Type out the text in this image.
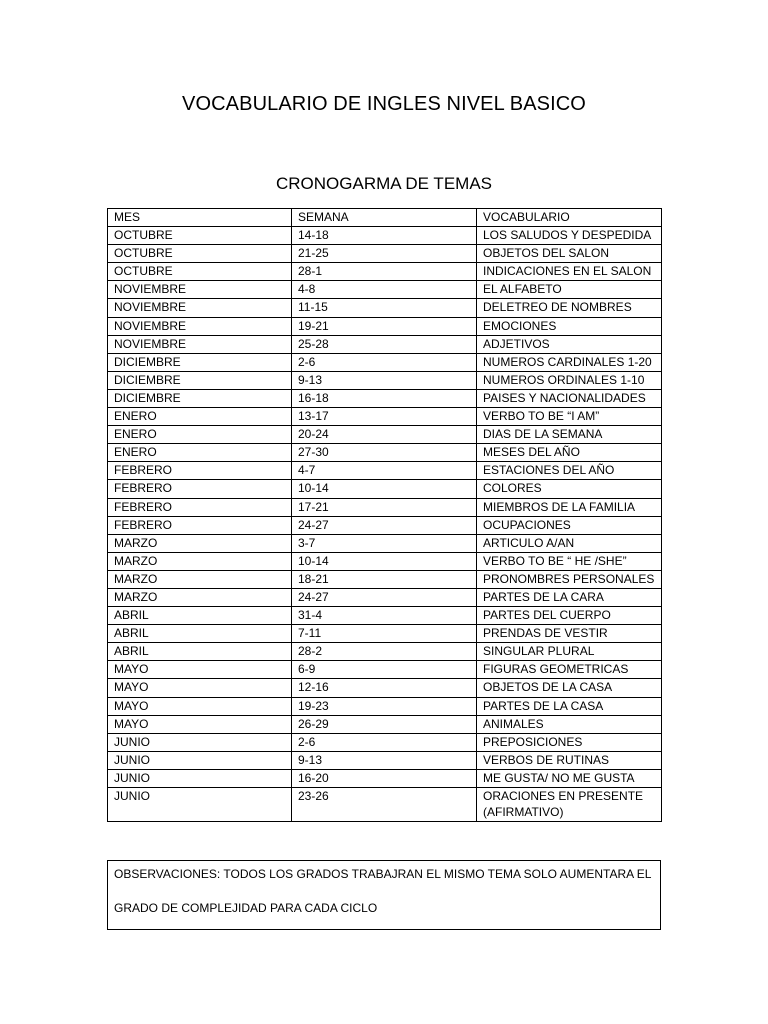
VOCABULARIO DE INGLES NIVEL BASICO
CRONOGARMA DE TEMAS
MES	SEMANA	VOCABULARIO
OCTUBRE	14-18	LOS SALUDOS Y DESPEDIDA
OCTUBRE	21-25	OBJETOS DEL SALON
OCTUBRE	28-1	INDICACIONES EN EL SALON
NOVIEMBRE	4-8	EL ALFABETO
NOVIEMBRE	11-15	DELETREO DE NOMBRES
NOVIEMBRE	19-21	EMOCIONES
NOVIEMBRE	25-28	ADJETIVOS
DICIEMBRE	2-6	NUMEROS CARDINALES 1-20
DICIEMBRE	9-13	NUMEROS ORDINALES 1-10
DICIEMBRE	16-18	PAISES Y NACIONALIDADES
ENERO	13-17	VERBO TO BE “I AM”
ENERO	20-24	DIAS DE LA SEMANA
ENERO	27-30	MESES DEL AÑO
FEBRERO	4-7	ESTACIONES DEL AÑO
FEBRERO	10-14	COLORES
FEBRERO	17-21	MIEMBROS DE LA FAMILIA
FEBRERO	24-27	OCUPACIONES
MARZO	3-7	ARTICULO A/AN
MARZO	10-14	VERBO TO BE “ HE /SHE”
MARZO	18-21	PRONOMBRES PERSONALES
MARZO	24-27	PARTES DE LA CARA
ABRIL	31-4	PARTES DEL CUERPO
ABRIL	7-11	PRENDAS DE VESTIR
ABRIL	28-2	SINGULAR PLURAL
MAYO	6-9	FIGURAS GEOMETRICAS
MAYO	12-16	OBJETOS DE LA CASA
MAYO	19-23	PARTES DE LA CASA
MAYO	26-29	ANIMALES
JUNIO	2-6	PREPOSICIONES
JUNIO	9-13	VERBOS DE RUTINAS
JUNIO	16-20	ME GUSTA/ NO ME GUSTA
JUNIO	23-26	ORACIONES EN PRESENTE (AFIRMATIVO)
OBSERVACIONES: TODOS LOS GRADOS TRABAJRAN EL MISMO TEMA SOLO AUMENTARA EL
GRADO DE COMPLEJIDAD PARA CADA CICLO
